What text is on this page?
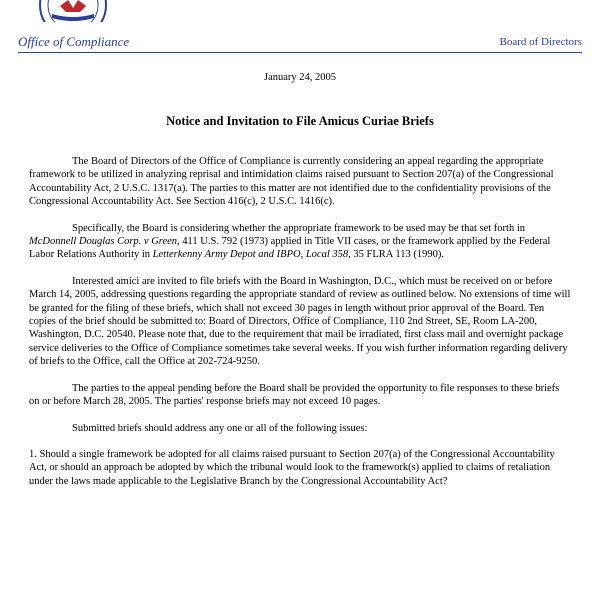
Office of Compliance	Board of Directors
January 24, 2005
Notice and Invitation to File Amicus Curiae Briefs

The Board of Directors of the Office of Compliance is currently considering an appeal regarding the appropriate framework to be utilized in analyzing reprisal and intimidation claims raised pursuant to Section 207(a) of the Congressional Accountability Act, 2 U.S.C. 1317(a). The parties to this matter are not identified due to the confidentiality provisions of the Congressional Accountability Act. See Section 416(c), 2 U.S.C. 1416(c).

Specifically, the Board is considering whether the appropriate framework to be used may be that set forth in McDonnell Douglas Corp. v Green, 411 U.S. 792 (1973) applied in Title VII cases, or the framework applied by the Federal Labor Relations Authority in Letterkenny Army Depot and IBPO, Local 358, 35 FLRA 113 (1990).

Interested amici are invited to file briefs with the Board in Washington, D.C., which must be received on or before March 14, 2005, addressing questions regarding the appropriate standard of review as outlined below. No extensions of time will be granted for the filing of these briefs, which shall not exceed 30 pages in length without prior approval of the Board. Ten copies of the brief should be submitted to: Board of Directors, Office of Compliance, 110 2nd Street, SE, Room LA-200, Washington, D.C. 20540. Please note that, due to the requirement that mail be irradiated, first class mail and overnight package service deliveries to the Office of Compliance sometimes take several weeks. If you wish further information regarding delivery of briefs to the Office, call the Office at 202-724-9250.

The parties to the appeal pending before the Board shall be provided the opportunity to file responses to these briefs on or before March 28, 2005. The parties' response briefs may not exceed 10 pages.

Submitted briefs should address any one or all of the following issues:

1. Should a single framework be adopted for all claims raised pursuant to Section 207(a) of the Congressional Accountability Act, or should an approach be adopted by which the tribunal would look to the framework(s) applied to claims of retaliation under the laws made applicable to the Legislative Branch by the Congressional Accountability Act?
